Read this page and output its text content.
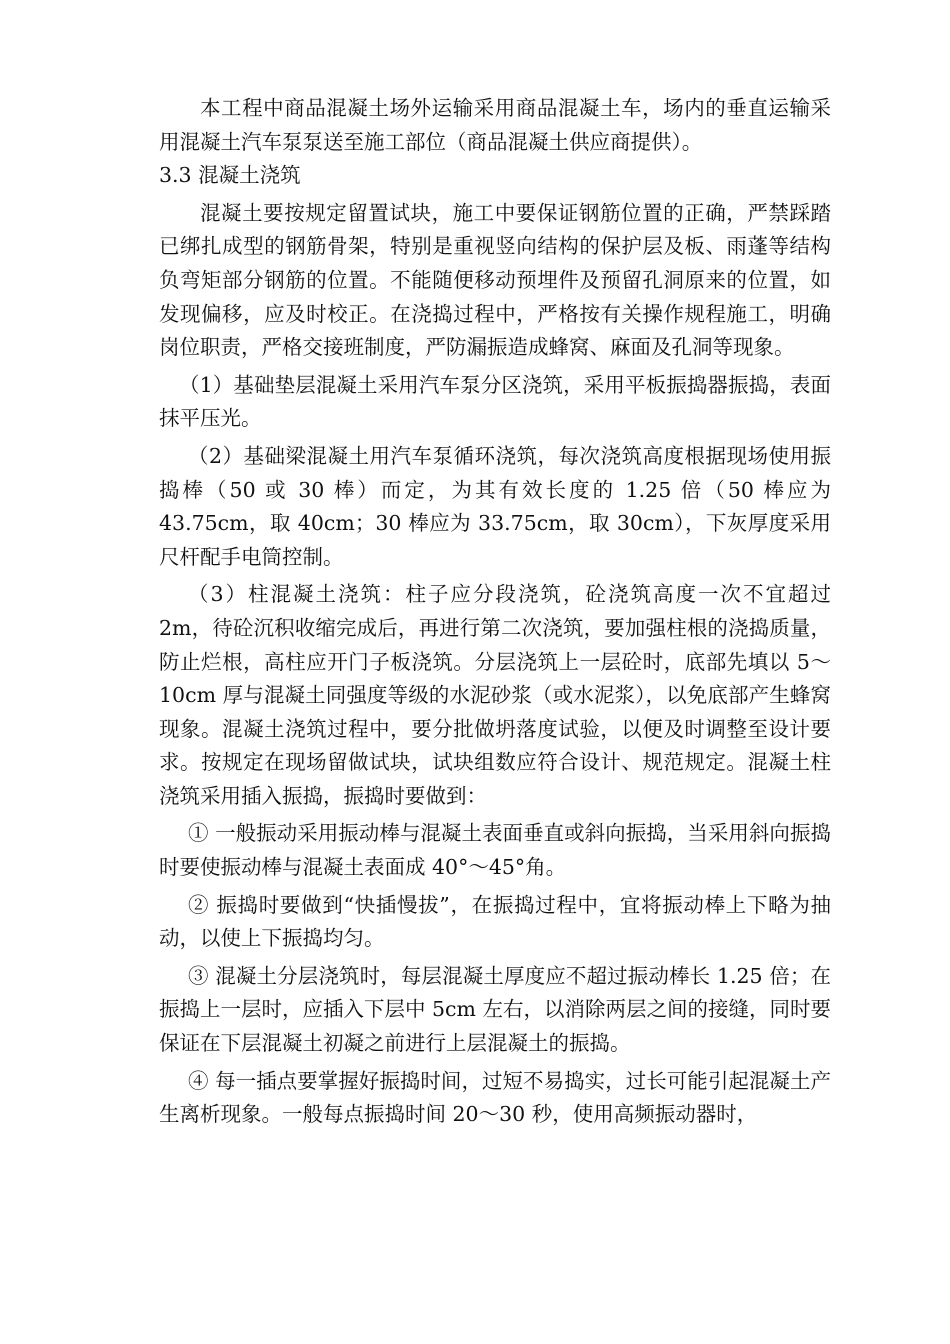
本工程中商品混凝土场外运输采用商品混凝土车，场内的垂直运输采用混凝土汽车泵泵送至施工部位（商品混凝土供应商提供）。

3.3 混凝土浇筑

混凝土要按规定留置试块，施工中要保证钢筋位置的正确，严禁踩踏已绑扎成型的钢筋骨架，特别是重视竖向结构的保护层及板、雨蓬等结构负弯矩部分钢筋的位置。不能随便移动预埋件及预留孔洞原来的位置，如发现偏移，应及时校正。在浇捣过程中，严格按有关操作规程施工，明确岗位职责，严格交接班制度，严防漏振造成蜂窝、麻面及孔洞等现象。

（1）基础垫层混凝土采用汽车泵分区浇筑，采用平板振捣器振捣，表面抹平压光。

（2）基础梁混凝土用汽车泵循环浇筑，每次浇筑高度根据现场使用振捣棒（50 或 30 棒）而定，为其有效长度的 1.25 倍（50 棒应为 43.75cm，取 40cm；30 棒应为 33.75cm，取 30cm），下灰厚度采用尺杆配手电筒控制。

（3）柱混凝土浇筑：柱子应分段浇筑，砼浇筑高度一次不宜超过 2m，待砼沉积收缩完成后，再进行第二次浇筑，要加强柱根的浇捣质量，防止烂根，高柱应开门子板浇筑。分层浇筑上一层砼时，底部先填以 5～10cm 厚与混凝土同强度等级的水泥砂浆（或水泥浆），以免底部产生蜂窝现象。混凝土浇筑过程中，要分批做坍落度试验，以便及时调整至设计要求。按规定在现场留做试块，试块组数应符合设计、规范规定。混凝土柱浇筑采用插入振捣，振捣时要做到：

① 一般振动采用振动棒与混凝土表面垂直或斜向振捣，当采用斜向振捣时要使振动棒与混凝土表面成 40°～45°角。

② 振捣时要做到“快插慢拔”，在振捣过程中，宜将振动棒上下略为抽动，以使上下振捣均匀。

③ 混凝土分层浇筑时，每层混凝土厚度应不超过振动棒长 1.25 倍；在振捣上一层时，应插入下层中 5cm 左右，以消除两层之间的接缝，同时要保证在下层混凝土初凝之前进行上层混凝土的振捣。

④ 每一插点要掌握好振捣时间，过短不易捣实，过长可能引起混凝土产生离析现象。一般每点振捣时间 20～30 秒，使用高频振动器时，
